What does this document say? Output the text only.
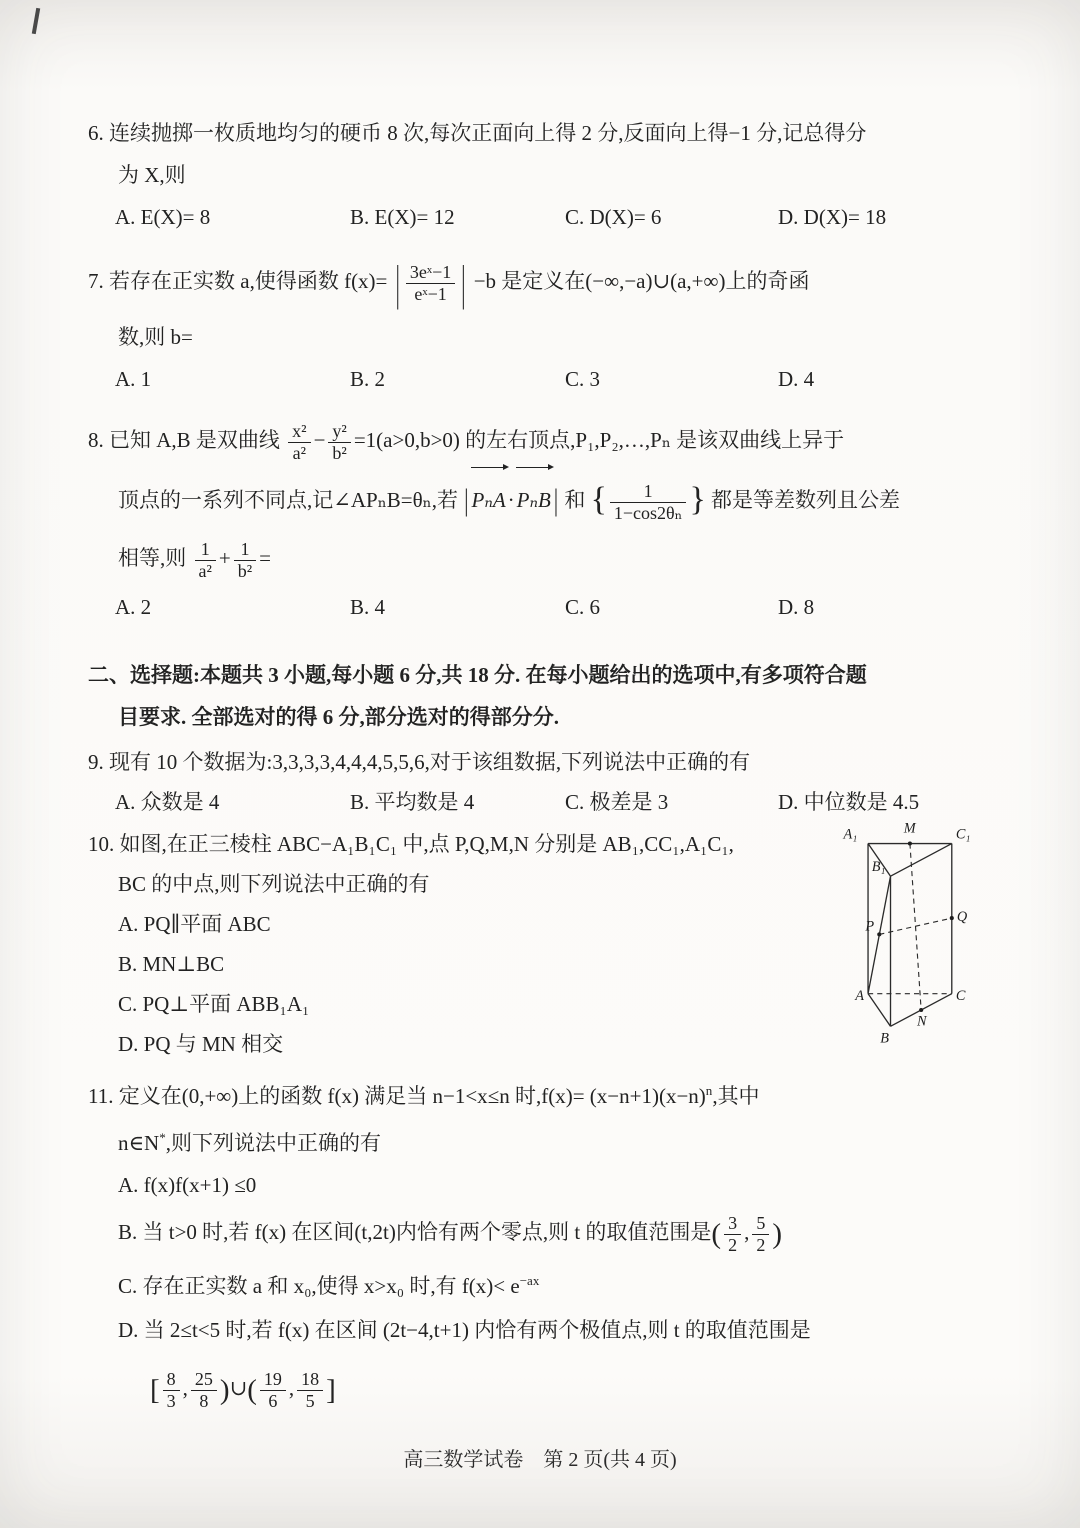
6. 连续抛掷一枚质地均匀的硬币 8 次,每次正面向上得 2 分,反面向上得−1 分,记总得分
为 X,则
A. E(X)= 8	B. E(X)= 12	C. D(X)= 6	D. D(X)= 18
7. 若存在正实数 a,使得函数 f(x)= | $\frac{\text{3eˣ−1}}{\text{eˣ−1}}$ | −b 是定义在(−∞,−a)∪(a,+∞)上的奇函
数,则 b=
A. 1	B. 2	C. 3	D. 4
8. 已知 A,B 是双曲线 $\frac{\text{x²}}{\text{a²}} - \frac{\text{y²}}{\text{b²}} =1(a>0,b>0)$ 的左右顶点,P₁,P₂,…,Pₙ 是该双曲线上异于
顶点的一系列不同点,记∠APₙB=θₙ,若 | PₙA·PₙB | 和 { $\frac{1}{\text{1−cos2θₙ}}$ } 都是等差数列且公差
相等,则 $\frac{1}{\text{a²}} + \frac{1}{\text{b²}}$ =
A. 2	B. 4	C. 6	D. 8
二、选择题:本题共 3 小题,每小题 6 分,共 18 分. 在每小题给出的选项中,有多项符合题
目要求. 全部选对的得 6 分,部分选对的得部分分.
9. 现有 10 个数据为:3,3,3,3,4,4,4,5,5,6,对于该组数据,下列说法中正确的有
A. 众数是 4	B. 平均数是 4	C. 极差是 3	D. 中位数是 4.5
A₁	M	C₁
B₁
P
Q
A	C
N
B
10. 如图,在正三棱柱 ABC−A₁B₁C₁ 中,点 P,Q,M,N 分别是 AB₁,CC₁,A₁C₁,
BC 的中点,则下列说法中正确的有
A. PQ∥平面 ABC
B. MN⊥BC
C. PQ⊥平面 ABB₁A₁
D. PQ 与 MN 相交
11. 定义在(0,+∞)上的函数 f(x) 满足当 n−1<x≤n 时$,f(x)= (x-n+1)(x-n)^n$,其中
n∈N*,则下列说法中正确的有
A. f(x)f(x+1) ≤0
B. 当 t>0 时,若 f(x) 在区间(t,2t)内恰有两个零点,则 t 的取值范围是( $\frac{3}{2}$ , $\frac{5}{2}$ )
C. 存在正实数 a 和 x₀,使得 x>x₀ 时,有 $f(x)< e^{-ax}$
D. 当 2≤t<5 时,若 f(x) 在区间 (2t−4,t+1) 内恰有两个极值点,则 t 的取值范围是
[ $\frac{8}{3}$ , $\frac{25}{8}$ )∪( $\frac{19}{6}$ , $\frac{18}{5}$ ]
高三数学试卷　第 2 页(共 4 页)
